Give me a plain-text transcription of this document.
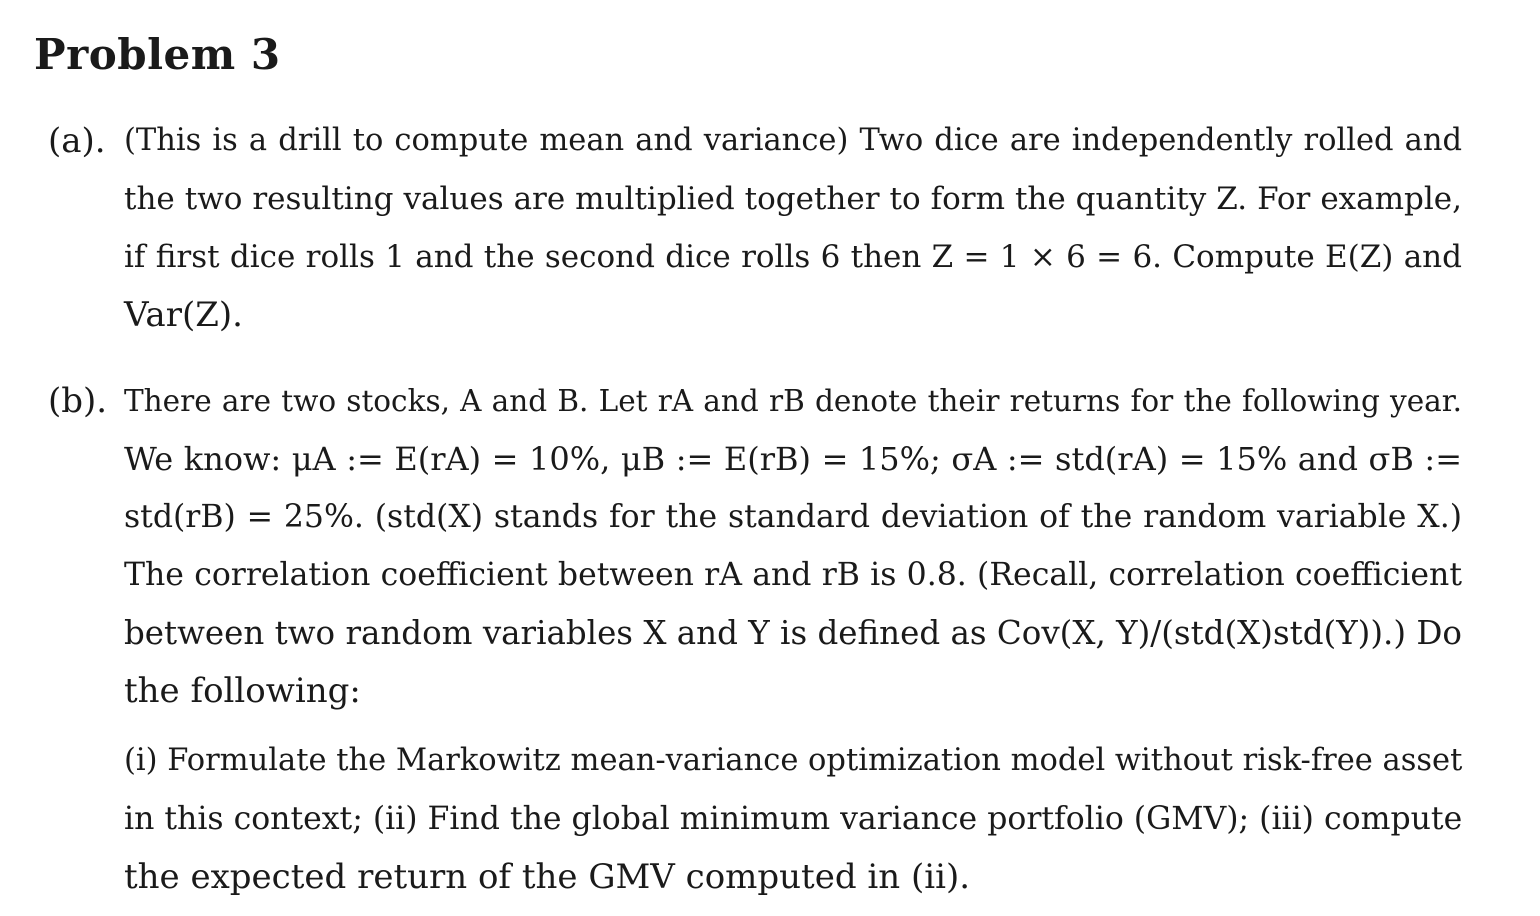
Problem 3
(a). (This is a drill to compute mean and variance) Two dice are independently rolled and
the two resulting values are multiplied together to form the quantity Z. For example,
if first dice rolls 1 and the second dice rolls 6 then Z = 1 × 6 = 6. Compute E(Z) and
Var(Z).
(b). There are two stocks, A and B. Let rA and rB denote their returns for the following year.
We know: μA := E(rA) = 10%, μB := E(rB) = 15%; σA := std(rA) = 15% and σB :=
std(rB) = 25%. (std(X) stands for the standard deviation of the random variable X.)
The correlation coefficient between rA and rB is 0.8. (Recall, correlation coefficient
between two random variables X and Y is defined as Cov(X, Y)/(std(X)std(Y)).) Do
the following:
(i) Formulate the Markowitz mean-variance optimization model without risk-free asset
in this context; (ii) Find the global minimum variance portfolio (GMV); (iii) compute
the expected return of the GMV computed in (ii).
